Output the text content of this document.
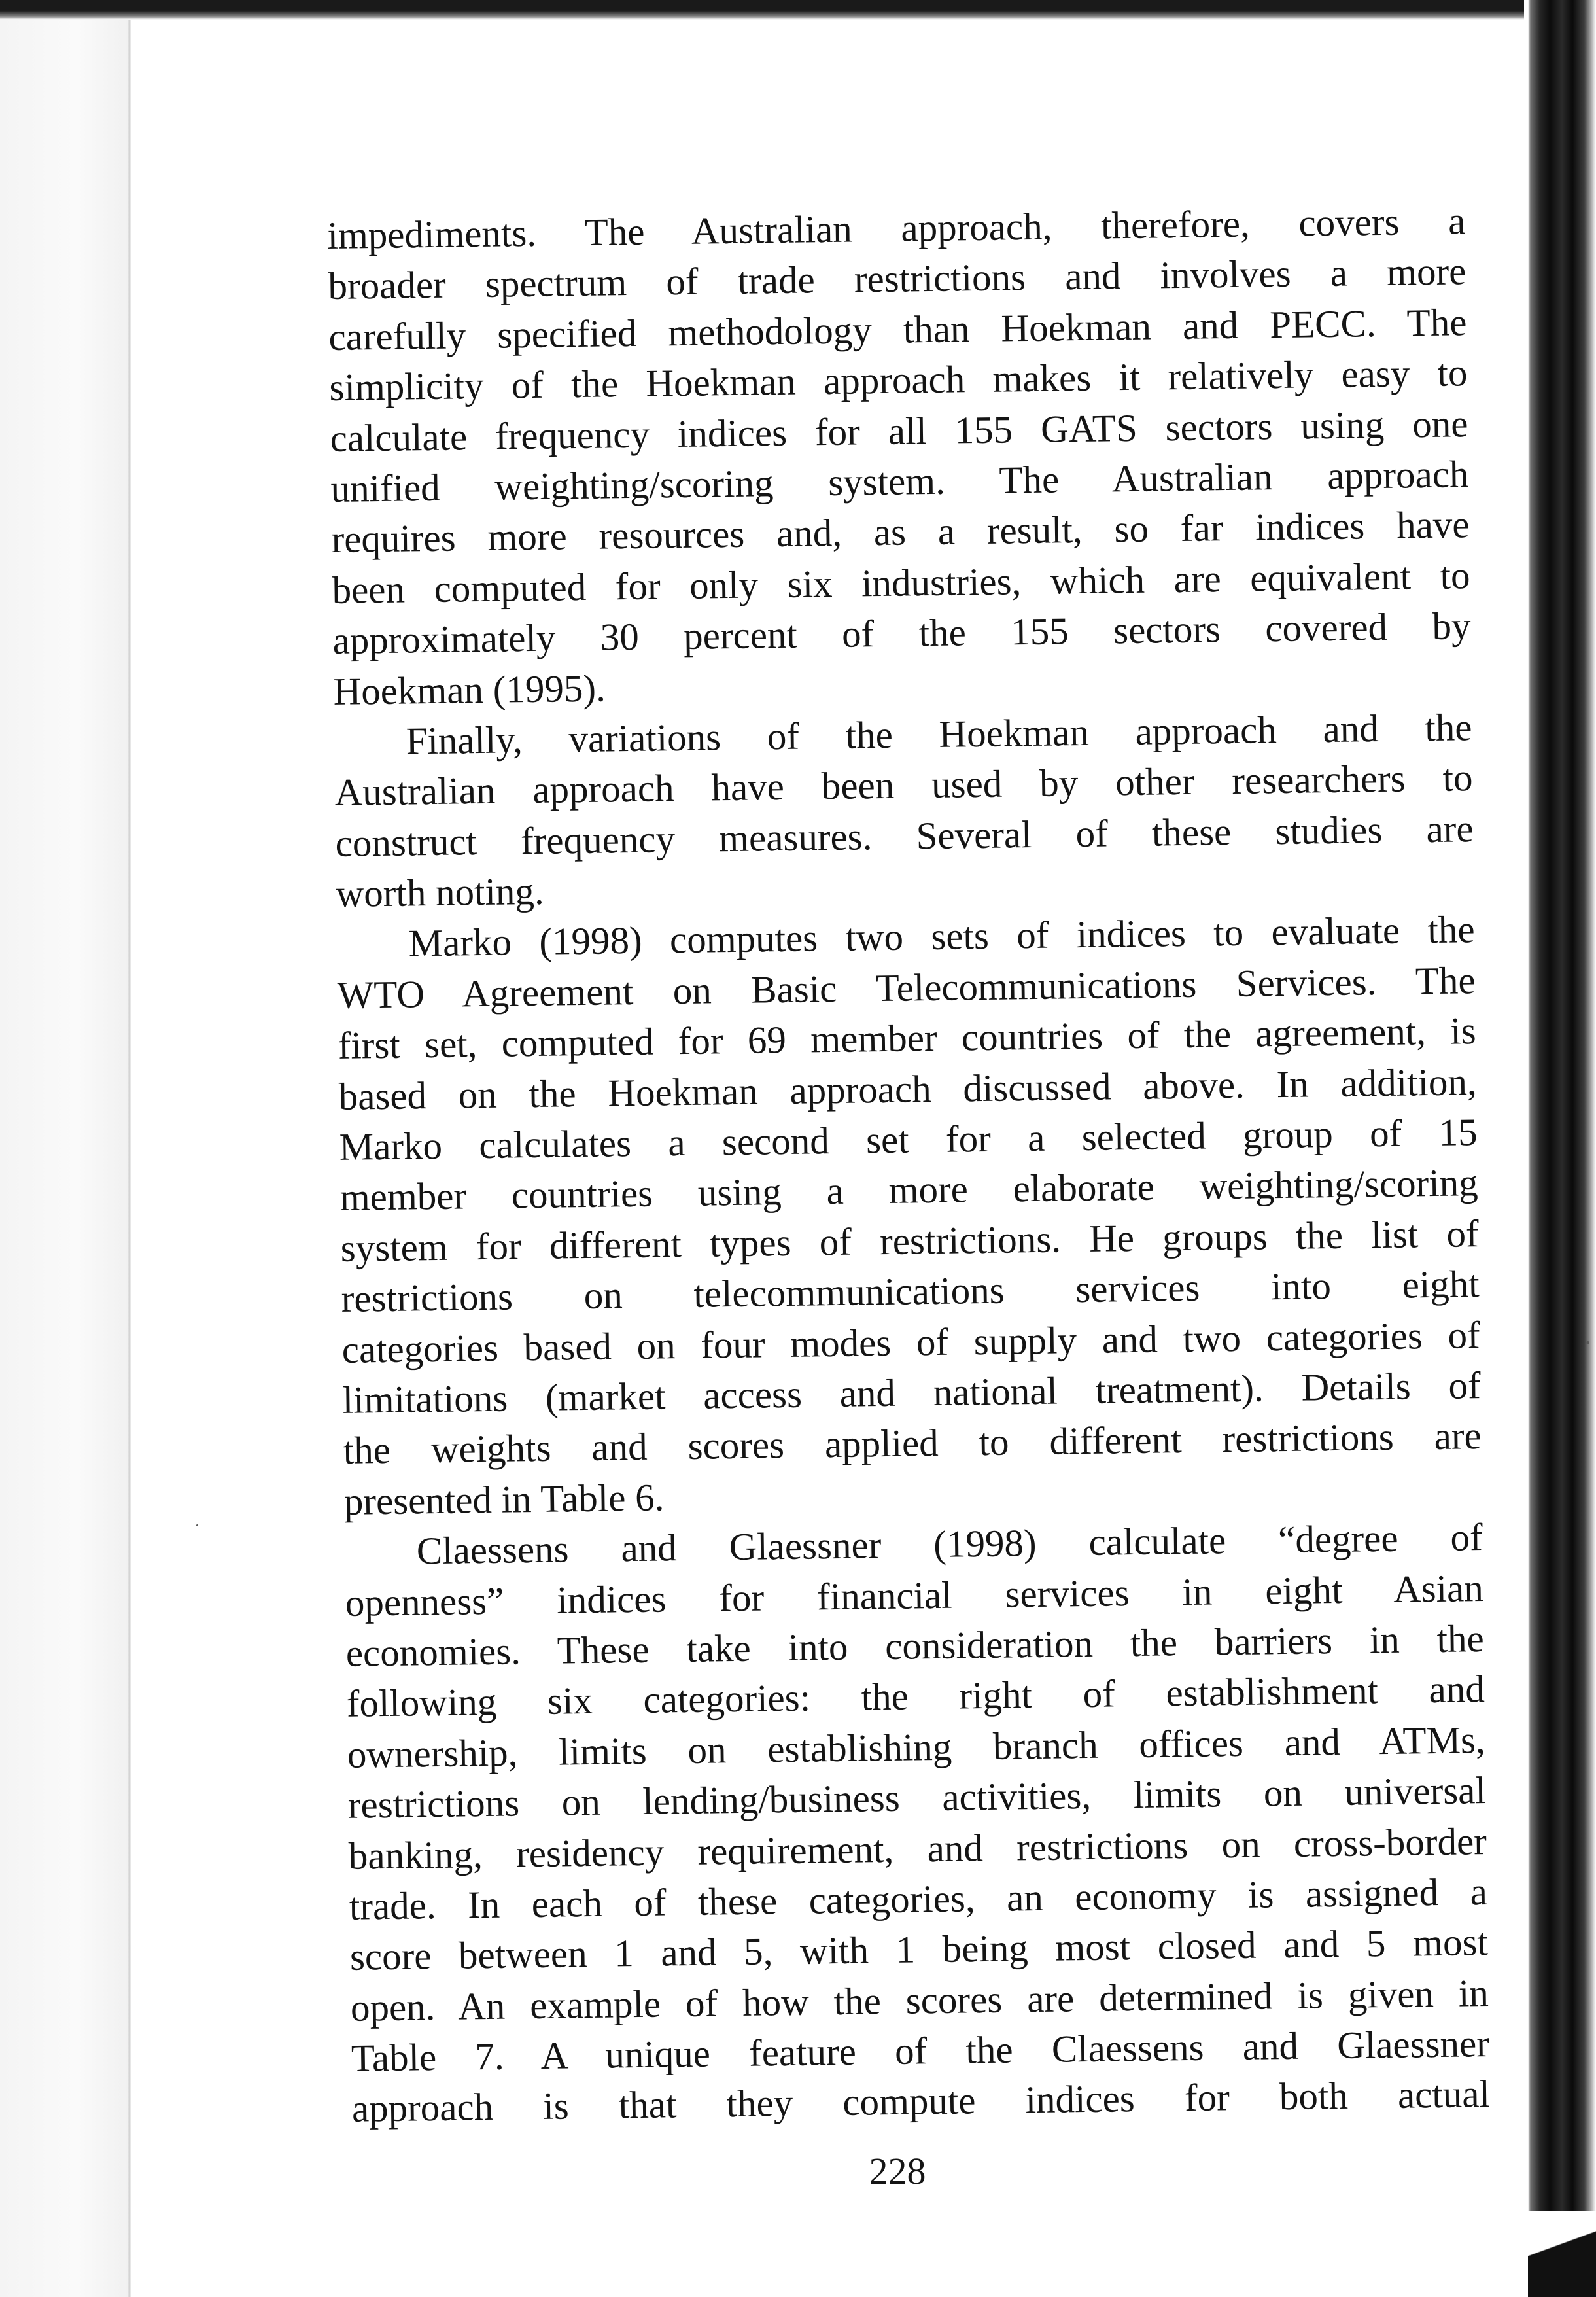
impediments. The Australian approach, therefore, covers a
broader spectrum of trade restrictions and involves a more
carefully specified methodology than Hoekman and PECC. The
simplicity of the Hoekman approach makes it relatively easy to
calculate frequency indices for all 155 GATS sectors using one
unified weighting/scoring system. The Australian approach
requires more resources and, as a result, so far indices have
been computed for only six industries, which are equivalent to
approximately 30 percent of the 155 sectors covered by
Hoekman (1995).
Finally, variations of the Hoekman approach and the
Australian approach have been used by other researchers to
construct frequency measures. Several of these studies are
worth noting.
Marko (1998) computes two sets of indices to evaluate the
WTO Agreement on Basic Telecommunications Services. The
first set, computed for 69 member countries of the agreement, is
based on the Hoekman approach discussed above. In addition,
Marko calculates a second set for a selected group of 15
member countries using a more elaborate weighting/scoring
system for different types of restrictions. He groups the list of
restrictions on telecommunications services into eight
categories based on four modes of supply and two categories of
limitations (market access and national treatment). Details of
the weights and scores applied to different restrictions are
presented in Table 6.
Claessens and Glaessner (1998) calculate “degree of
openness” indices for financial services in eight Asian
economies. These take into consideration the barriers in the
following six categories: the right of establishment and
ownership, limits on establishing branch offices and ATMs,
restrictions on lending/business activities, limits on universal
banking, residency requirement, and restrictions on cross-border
trade. In each of these categories, an economy is assigned a
score between 1 and 5, with 1 being most closed and 5 most
open. An example of how the scores are determined is given in
Table 7. A unique feature of the Claessens and Glaessner
approach is that they compute indices for both actual
228
